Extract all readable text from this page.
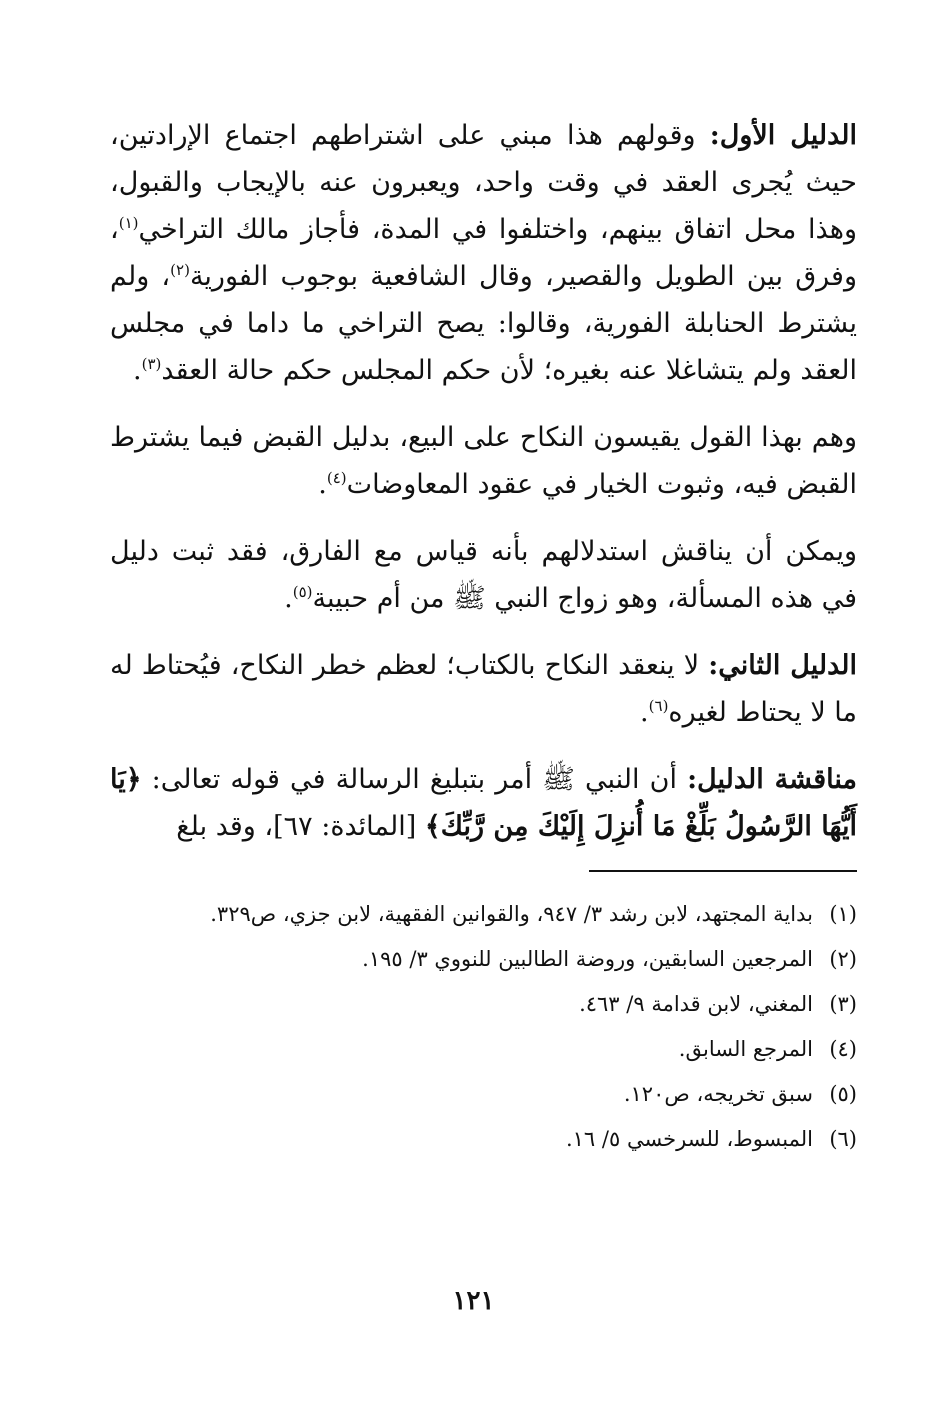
الدليل الأول: وقولهم هذا مبني على اشتراطهم اجتماع الإرادتين، حيث يُجرى العقد في وقت واحد، ويعبرون عنه بالإيجاب والقبول، وهذا محل اتفاق بينهم، واختلفوا في المدة، فأجاز مالك التراخي$^{(١)}$، وفرق بين الطويل والقصير، وقال الشافعية بوجوب الفورية$^{(٢)}$، ولم يشترط الحنابلة الفورية، وقالوا: يصح التراخي ما داما في مجلس العقد ولم يتشاغلا عنه بغيره؛ لأن حكم المجلس حكم حالة العقد$^{(٣)}$.

وهم بهذا القول يقيسون النكاح على البيع، بدليل القبض فيما يشترط القبض فيه، وثبوت الخيار في عقود المعاوضات$^{(٤)}$.

ويمكن أن يناقش استدلالهم بأنه قياس مع الفارق، فقد ثبت دليل في هذه المسألة، وهو زواج النبي ﷺ من أم حبيبة$^{(٥)}$.

الدليل الثاني: لا ينعقد النكاح بالكتاب؛ لعظم خطر النكاح، فيُحتاط له ما لا يحتاط لغيره$^{(٦)}$.

مناقشة الدليل: أن النبي ﷺ أمر بتبليغ الرسالة في قوله تعالى: ﴿يَا أَيُّهَا الرَّسُولُ بَلِّغْ مَا أُنزِلَ إِلَيْكَ مِن رَّبِّكَ﴾ [المائدة: ٦٧]، وقد بلغ

(١)
بداية المجتهد، لابن رشد ٣/ ٩٤٧، والقوانين الفقهية، لابن جزي، ص٣٢٩.
(٢)
المرجعين السابقين، وروضة الطالبين للنووي ٣/ ١٩٥.
(٣)
المغني، لابن قدامة ٩/ ٤٦٣.
(٤)
المرجع السابق.
(٥)
سبق تخريجه، ص١٢٠.
(٦)
المبسوط، للسرخسي ٥/ ١٦.
١٢١
